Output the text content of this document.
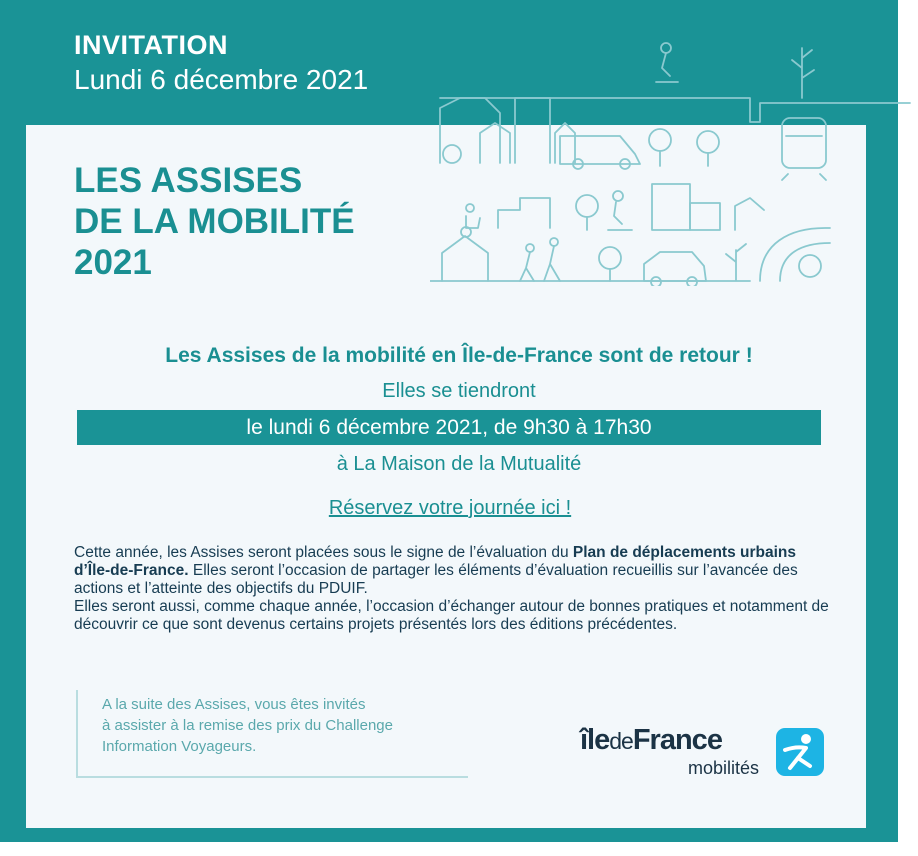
INVITATION
Lundi 6 décembre 2021
LES ASSISES
DE LA MOBILITÉ
2021
Les Assises de la mobilité en Île-de-France sont de retour !
Elles se tiendront
le lundi 6 décembre 2021, de 9h30 à 17h30
à La Maison de la Mutualité
Réservez votre journée ici !
Cette année, les Assises seront placées sous le signe de l’évaluation du Plan de déplacements urbains d’Île-de-France. Elles seront l’occasion de partager les éléments d’évaluation recueillis sur l’avancée des actions et l’atteinte des objectifs du PDUIF.
Elles seront aussi, comme chaque année, l’occasion d’échanger autour de bonnes pratiques et notamment de découvrir ce que sont devenus certains projets présentés lors des éditions précédentes.
A la suite des Assises, vous êtes invités
à assister à la remise des prix du Challenge
Information Voyageurs.	îledeFrance
mobilités
